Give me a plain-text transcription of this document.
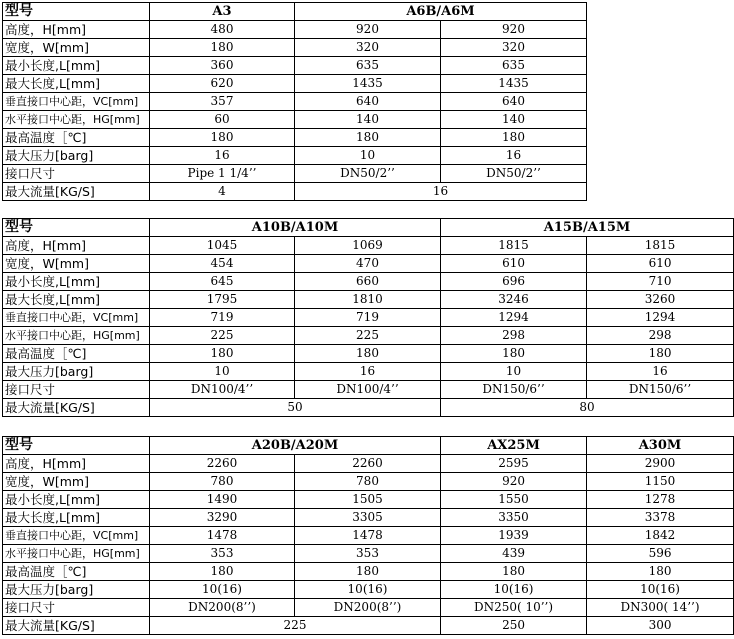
型号	A3	A6B/A6M	
高度，H[mm]	480	920	920
宽度，W[mm]	180	320	320
最小长度,L[mm]	360	635	635
最大长度,L[mm]	620	1435	1435
垂直接口中心距，VC[mm]	357	640	640
水平接口中心距，HG[mm]	60	140	140
最高温度［℃]	180	180	180
最大压力[barg]	16	10	16
接口尺寸	Pipe 1 1/4’’	DN50/2’’	DN50/2’’
最大流量[KG/S]	4	16	
型号	A10B/A10M		A15B/A15M	
高度，H[mm]	1045	1069	1815	1815
宽度，W[mm]	454	470	610	610
最小长度,L[mm]	645	660	696	710
最大长度,L[mm]	1795	1810	3246	3260
垂直接口中心距，VC[mm]	719	719	1294	1294
水平接口中心距，HG[mm]	225	225	298	298
最高温度［℃]	180	180	180	180
最大压力[barg]	10	16	10	16
接口尺寸	DN100/4’’	DN100/4’’	DN150/6’’	DN150/6’’
最大流量[KG/S]	50		80	
型号	A20B/A20M		AX25M	A30M
高度，H[mm]	2260	2260	2595	2900
宽度，W[mm]	780	780	920	1150
最小长度,L[mm]	1490	1505	1550	1278
最大长度,L[mm]	3290	3305	3350	3378
垂直接口中心距，VC[mm]	1478	1478	1939	1842
水平接口中心距，HG[mm]	353	353	439	596
最高温度［℃]	180	180	180	180
最大压力[barg]	10(16)	10(16)	10(16)	10(16)
接口尺寸	DN200(8’’)	DN200(8’’)	DN250( 10’’)	DN300( 14’’)
最大流量[KG/S]	225		250	300
